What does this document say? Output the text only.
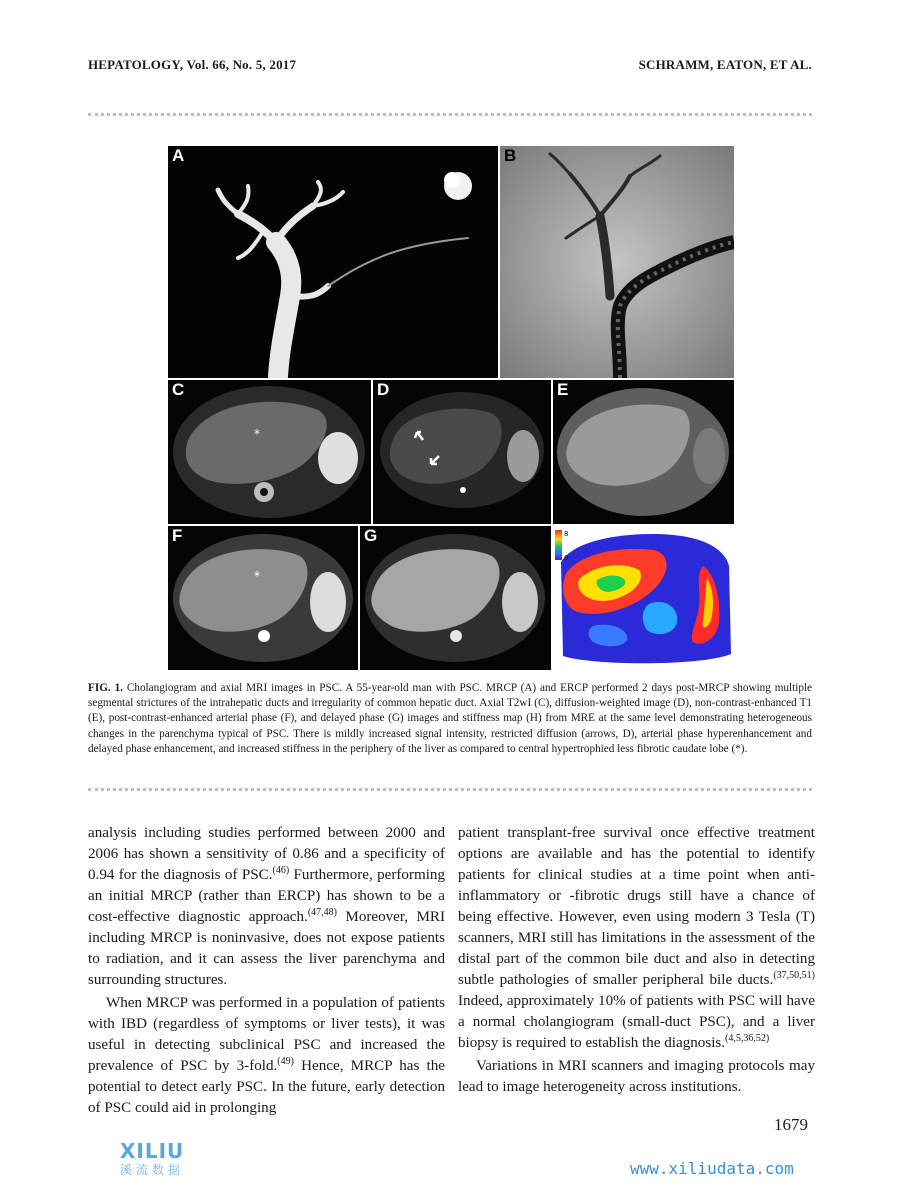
HEPATOLOGY, Vol. 66, No. 5, 2017	SCHRAMM, EATON, ET AL.
A	B
*
C	D	E
*
F	G	8
0
H
FIG. 1. Cholangiogram and axial MRI images in PSC. A 55-year-old man with PSC. MRCP (A) and ERCP performed 2 days post-MRCP showing multiple segmental strictures of the intrahepatic ducts and irregularity of common hepatic duct. Axial T2wI (C), diffusion-weighted image (D), non-contrast-enhanced T1 (E), post-contrast-enhanced arterial phase (F), and delayed phase (G) images and stiffness map (H) from MRE at the same level demonstrating heterogeneous changes in the parenchyma typical of PSC. There is mildly increased signal intensity, restricted diffusion (arrows, D), arterial phase hyperenhancement and delayed phase enhancement, and increased stiffness in the periphery of the liver as compared to central hypertrophied less fibrotic caudate lobe (*).

analysis including studies performed between 2000 and 2006 has shown a sensitivity of 0.86 and a specificity of 0.94 for the diagnosis of PSC.$^{(46)}$ Furthermore, performing an initial MRCP (rather than ERCP) has shown to be a cost-effective diagnostic approach.$^{(47,48)}$ Moreover, MRI including MRCP is noninvasive, does not expose patients to radiation, and it can assess the liver parenchyma and surrounding structures.

When MRCP was performed in a population of patients with IBD (regardless of symptoms or liver tests), it was useful in detecting subclinical PSC and increased the prevalence of PSC by 3-fold.$^{(49)}$ Hence, MRCP has the potential to detect early PSC. In the future, early detection of PSC could aid in prolonging

patient transplant-free survival once effective treatment options are available and has the potential to identify patients for clinical studies at a time point when anti-inflammatory or -fibrotic drugs still have a chance of being effective. However, even using modern 3 Tesla (T) scanners, MRI still has limitations in the assessment of the distal part of the common bile duct and also in detecting subtle pathologies of smaller peripheral bile ducts.$^{(37,50,51)}$ Indeed, approximately 10% of patients with PSC will have a normal cholangiogram (small-duct PSC), and a liver biopsy is required to establish the diagnosis.$^{(4,5,36,52)}$

Variations in MRI scanners and imaging protocols may lead to image heterogeneity across institutions.

1679
XILIU
溪流数据	www.xiliudata.com
